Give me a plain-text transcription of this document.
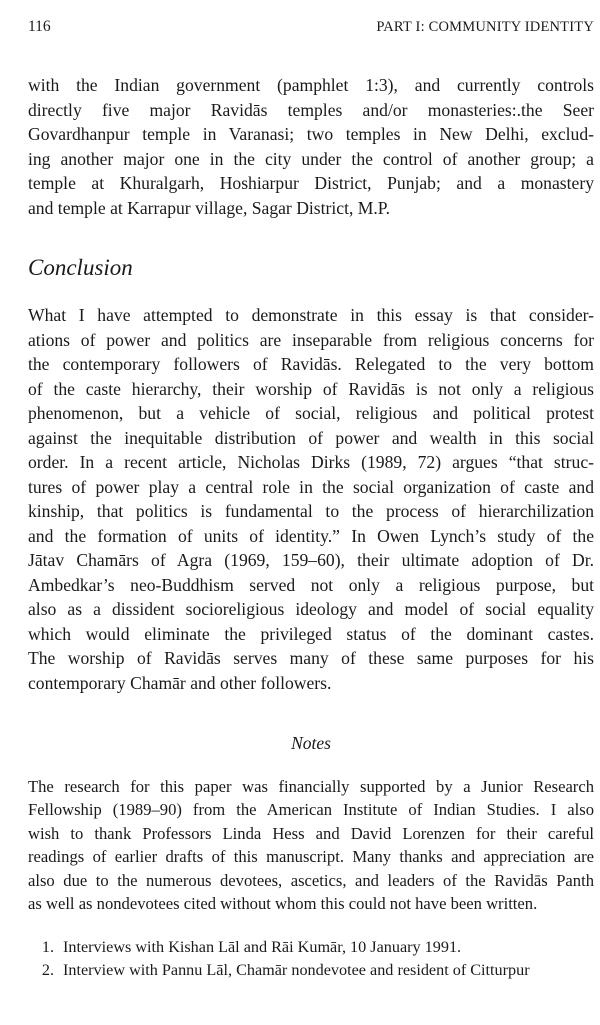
116	PART I: COMMUNITY IDENTITY

with the Indian government (pamphlet 1:3), and currently controls
directly five major Ravidās temples and/or monasteries:.the Seer
Govardhanpur temple in Varanasi; two temples in New Delhi, exclud-
ing another major one in the city under the control of another group; a
temple at Khuralgarh, Hoshiarpur District, Punjab; and a monastery
and temple at Karrapur village, Sagar District, M.P.

Conclusion

What I have attempted to demonstrate in this essay is that consider-
ations of power and politics are inseparable from religious concerns for
the contemporary followers of Ravidās. Relegated to the very bottom
of the caste hierarchy, their worship of Ravidās is not only a religious
phenomenon, but a vehicle of social, religious and political protest
against the inequitable distribution of power and wealth in this social
order. In a recent article, Nicholas Dirks (1989, 72) argues “that struc-
tures of power play a central role in the social organization of caste and
kinship, that politics is fundamental to the process of hierarchilization
and the formation of units of identity.” In Owen Lynch’s study of the
Jātav Chamārs of Agra (1969, 159–60), their ultimate adoption of Dr.
Ambedkar’s neo-Buddhism served not only a religious purpose, but
also as a dissident socioreligious ideology and model of social equality
which would eliminate the privileged status of the dominant castes.
The worship of Ravidās serves many of these same purposes for his
contemporary Chamār and other followers.

Notes

The research for this paper was financially supported by a Junior Research
Fellowship (1989–90) from the American Institute of Indian Studies. I also
wish to thank Professors Linda Hess and David Lorenzen for their careful
readings of earlier drafts of this manuscript. Many thanks and appreciation are
also due to the numerous devotees, ascetics, and leaders of the Ravidās Panth
as well as nondevotees cited without whom this could not have been written.

1. Interviews with Kishan Lāl and Rāi Kumār, 10 January 1991.
2. Interview with Pannu Lāl, Chamār nondevotee and resident of Citturpur
